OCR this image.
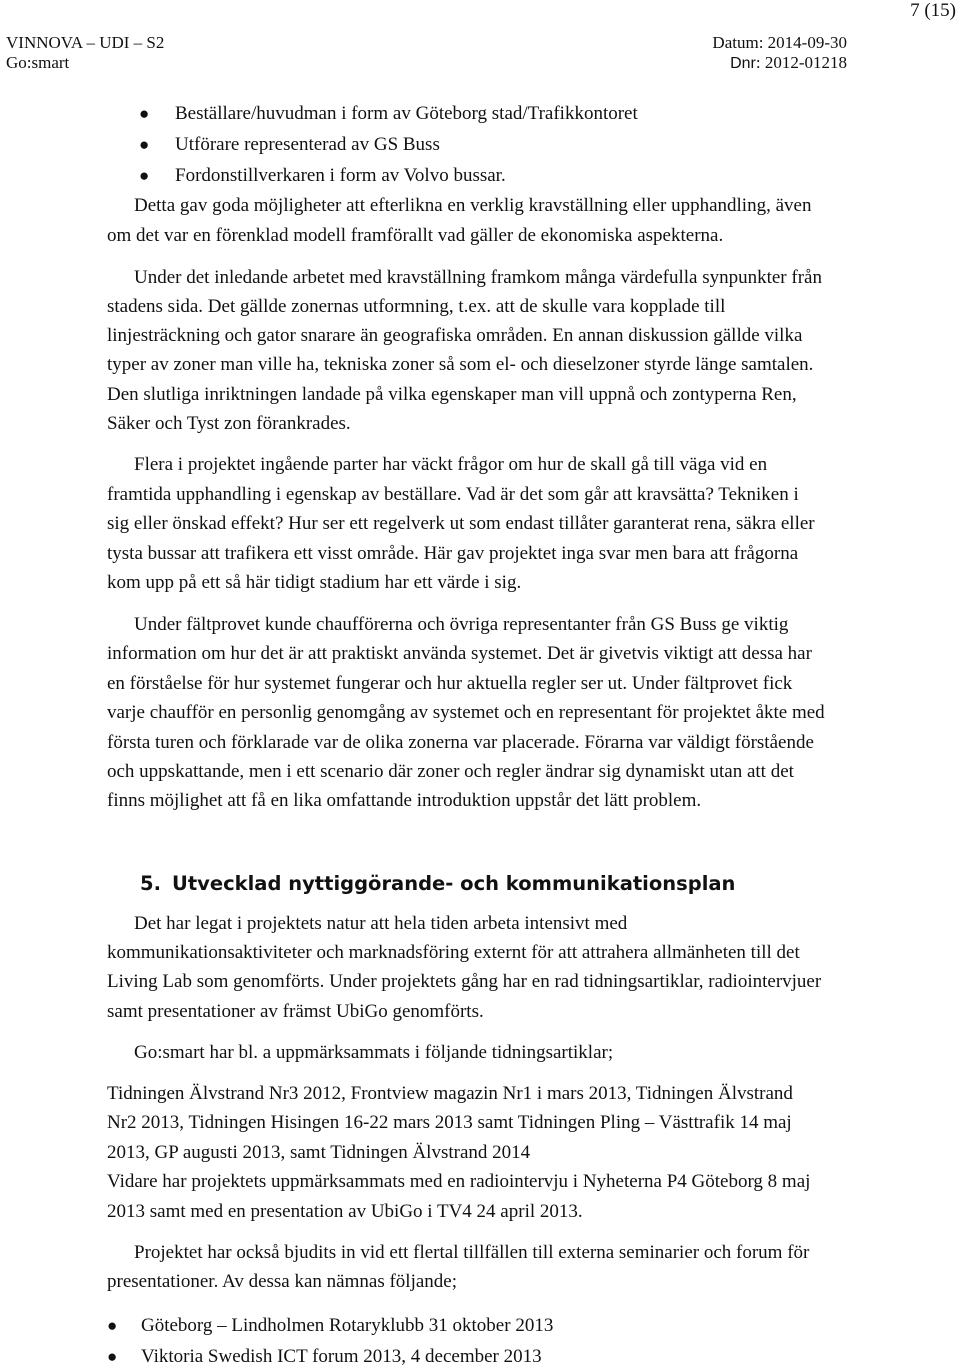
7 (15)
VINNOVA – UDI – S2
Go:smart
Datum: 2014-09-30
Dnr: 2012-01218
● Beställare/huvudman i form av Göteborg stad/Trafikkontoret
● Utförare representerad av GS Buss
● Fordonstillverkaren i form av Volvo bussar.
Detta gav goda möjligheter att efterlikna en verklig kravställning eller upphandling, även
om det var en förenklad modell framförallt vad gäller de ekonomiska aspekterna.
Under det inledande arbetet med kravställning framkom många värdefulla synpunkter från
stadens sida. Det gällde zonernas utformning, t.ex. att de skulle vara kopplade till
linjesträckning och gator snarare än geografiska områden. En annan diskussion gällde vilka
typer av zoner man ville ha, tekniska zoner så som el- och dieselzoner styrde länge samtalen.
Den slutliga inriktningen landade på vilka egenskaper man vill uppnå och zontyperna Ren,
Säker och Tyst zon förankrades.
Flera i projektet ingående parter har väckt frågor om hur de skall gå till väga vid en
framtida upphandling i egenskap av beställare. Vad är det som går att kravsätta? Tekniken i
sig eller önskad effekt? Hur ser ett regelverk ut som endast tillåter garanterat rena, säkra eller
tysta bussar att trafikera ett visst område. Här gav projektet inga svar men bara att frågorna
kom upp på ett så här tidigt stadium har ett värde i sig.
Under fältprovet kunde chaufförerna och övriga representanter från GS Buss ge viktig
information om hur det är att praktiskt använda systemet. Det är givetvis viktigt att dessa har
en förståelse för hur systemet fungerar och hur aktuella regler ser ut. Under fältprovet fick
varje chaufför en personlig genomgång av systemet och en representant för projektet åkte med
första turen och förklarade var de olika zonerna var placerade. Förarna var väldigt förstående
och uppskattande, men i ett scenario där zoner och regler ändrar sig dynamiskt utan att det
finns möjlighet att få en lika omfattande introduktion uppstår det lätt problem.
5. Utvecklad nyttiggörande- och kommunikationsplan
Det har legat i projektets natur att hela tiden arbeta intensivt med
kommunikationsaktiviteter och marknadsföring externt för att attrahera allmänheten till det
Living Lab som genomförts. Under projektets gång har en rad tidningsartiklar, radiointervjuer
samt presentationer av främst UbiGo genomförts.
Go:smart har bl. a uppmärksammats i följande tidningsartiklar;
Tidningen Älvstrand Nr3 2012, Frontview magazin Nr1 i mars 2013, Tidningen Älvstrand
Nr2 2013, Tidningen Hisingen 16-22 mars 2013 samt Tidningen Pling – Västtrafik 14 maj
2013, GP augusti 2013, samt Tidningen Älvstrand 2014
Vidare har projektets uppmärksammats med en radiointervju i Nyheterna P4 Göteborg 8 maj
2013 samt med en presentation av UbiGo i TV4 24 april 2013.
Projektet har också bjudits in vid ett flertal tillfällen till externa seminarier och forum för
presentationer. Av dessa kan nämnas följande;
● Göteborg – Lindholmen Rotaryklubb 31 oktober 2013
● Viktoria Swedish ICT forum 2013, 4 december 2013
